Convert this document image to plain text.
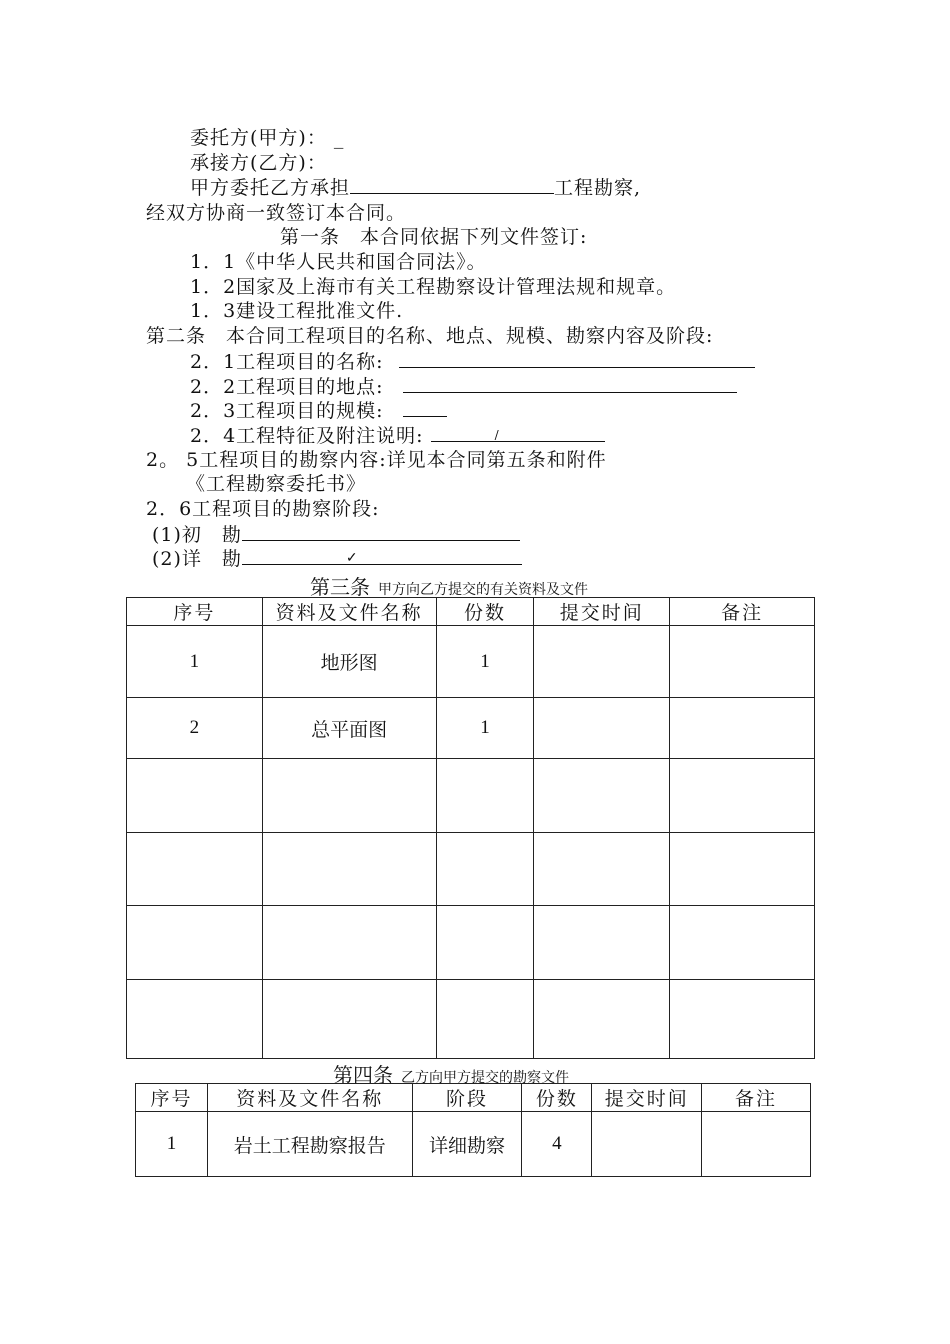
委托方(甲方)： _
承接方(乙方)：
甲方委托乙方承担	工程勘察,
经双方协商一致签订本合同。
第一条　本合同依据下列文件签订:
1．1《中华人民共和国合同法》。
1．2国家及上海市有关工程勘察设计管理法规和规章。
1．3建设工程批准文件.
第二条　本合同工程项目的名称、地点、规模、勘察内容及阶段:
2．1工程项目的名称:
2．2工程项目的地点:
2．3工程项目的规模:
2．4工程特征及附注说明:	/
2。 5工程项目的勘察内容:详见本合同第五条和附件
《工程勘察委托书》
2．6工程项目的勘察阶段:
(1)初　勘
(2)详　勘	✓
第三条 甲方向乙方提交的有关资料及文件
序号	资料及文件名称	份数	提交时间	备注
1	地形图	1		
2	总平面图	1		

第四条 乙方向甲方提交的勘察文件
序号	资料及文件名称	阶段	份数	提交时间	备注
1	岩土工程勘察报告	详细勘察	4		
